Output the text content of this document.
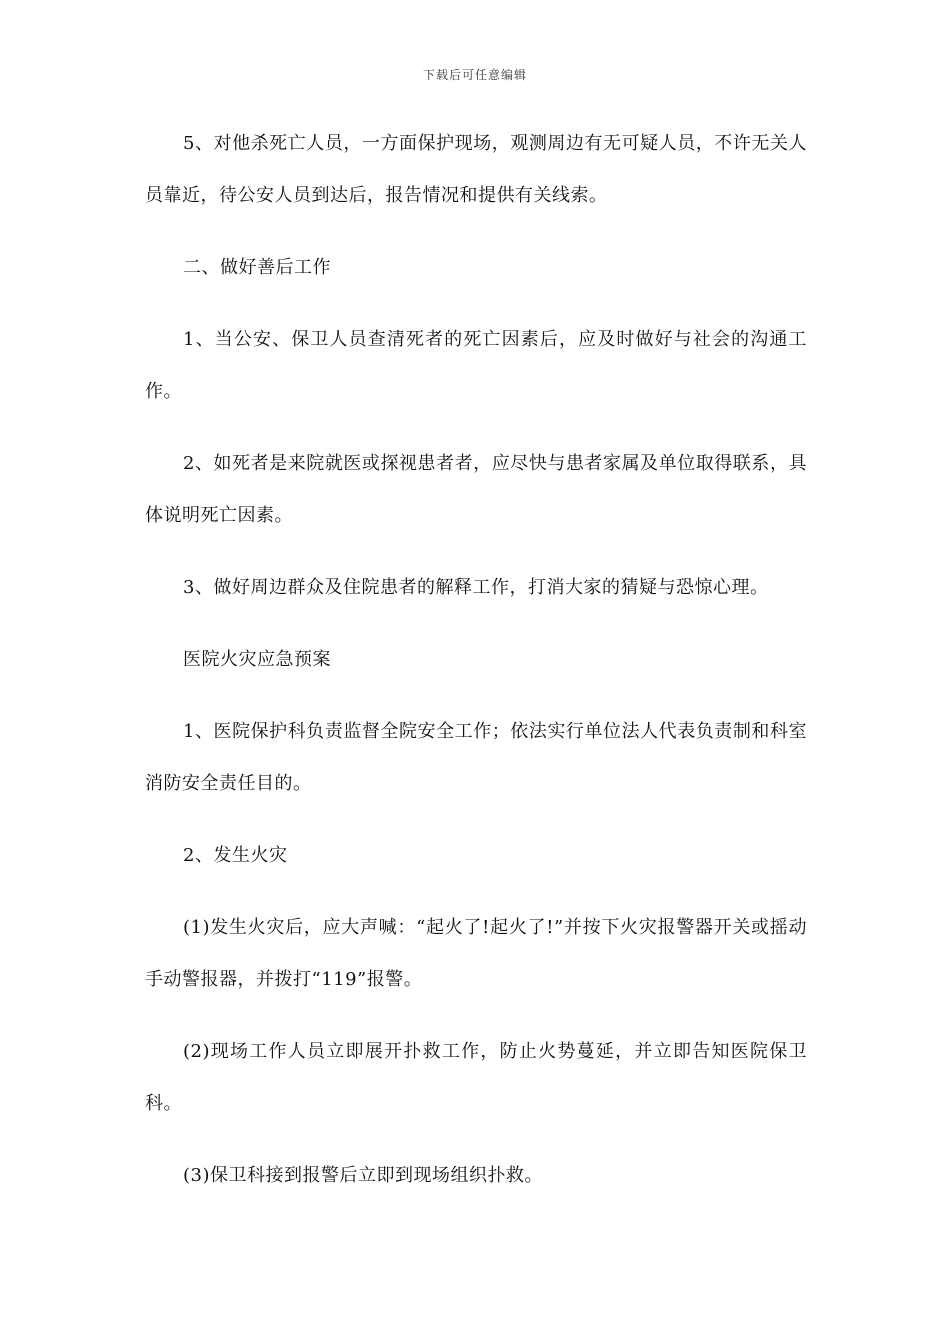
下载后可任意编辑

5、对他杀死亡人员，一方面保护现场，观测周边有无可疑人员，不许无关人员靠近，待公安人员到达后，报告情况和提供有关线索。

二、做好善后工作

1、当公安、保卫人员查清死者的死亡因素后，应及时做好与社会的沟通工作。

2、如死者是来院就医或探视患者者，应尽快与患者家属及单位取得联系，具体说明死亡因素。

3、做好周边群众及住院患者的解释工作，打消大家的猜疑与恐惊心理。

医院火灾应急预案

1、医院保护科负责监督全院安全工作；依法实行单位法人代表负责制和科室消防安全责任目的。

2、发生火灾

(1)发生火灾后，应大声喊：“起火了!起火了!”并按下火灾报警器开关或摇动手动警报器，并拨打“119”报警。

(2)现场工作人员立即展开扑救工作，防止火势蔓延，并立即告知医院保卫科。

(3)保卫科接到报警后立即到现场组织扑救。
